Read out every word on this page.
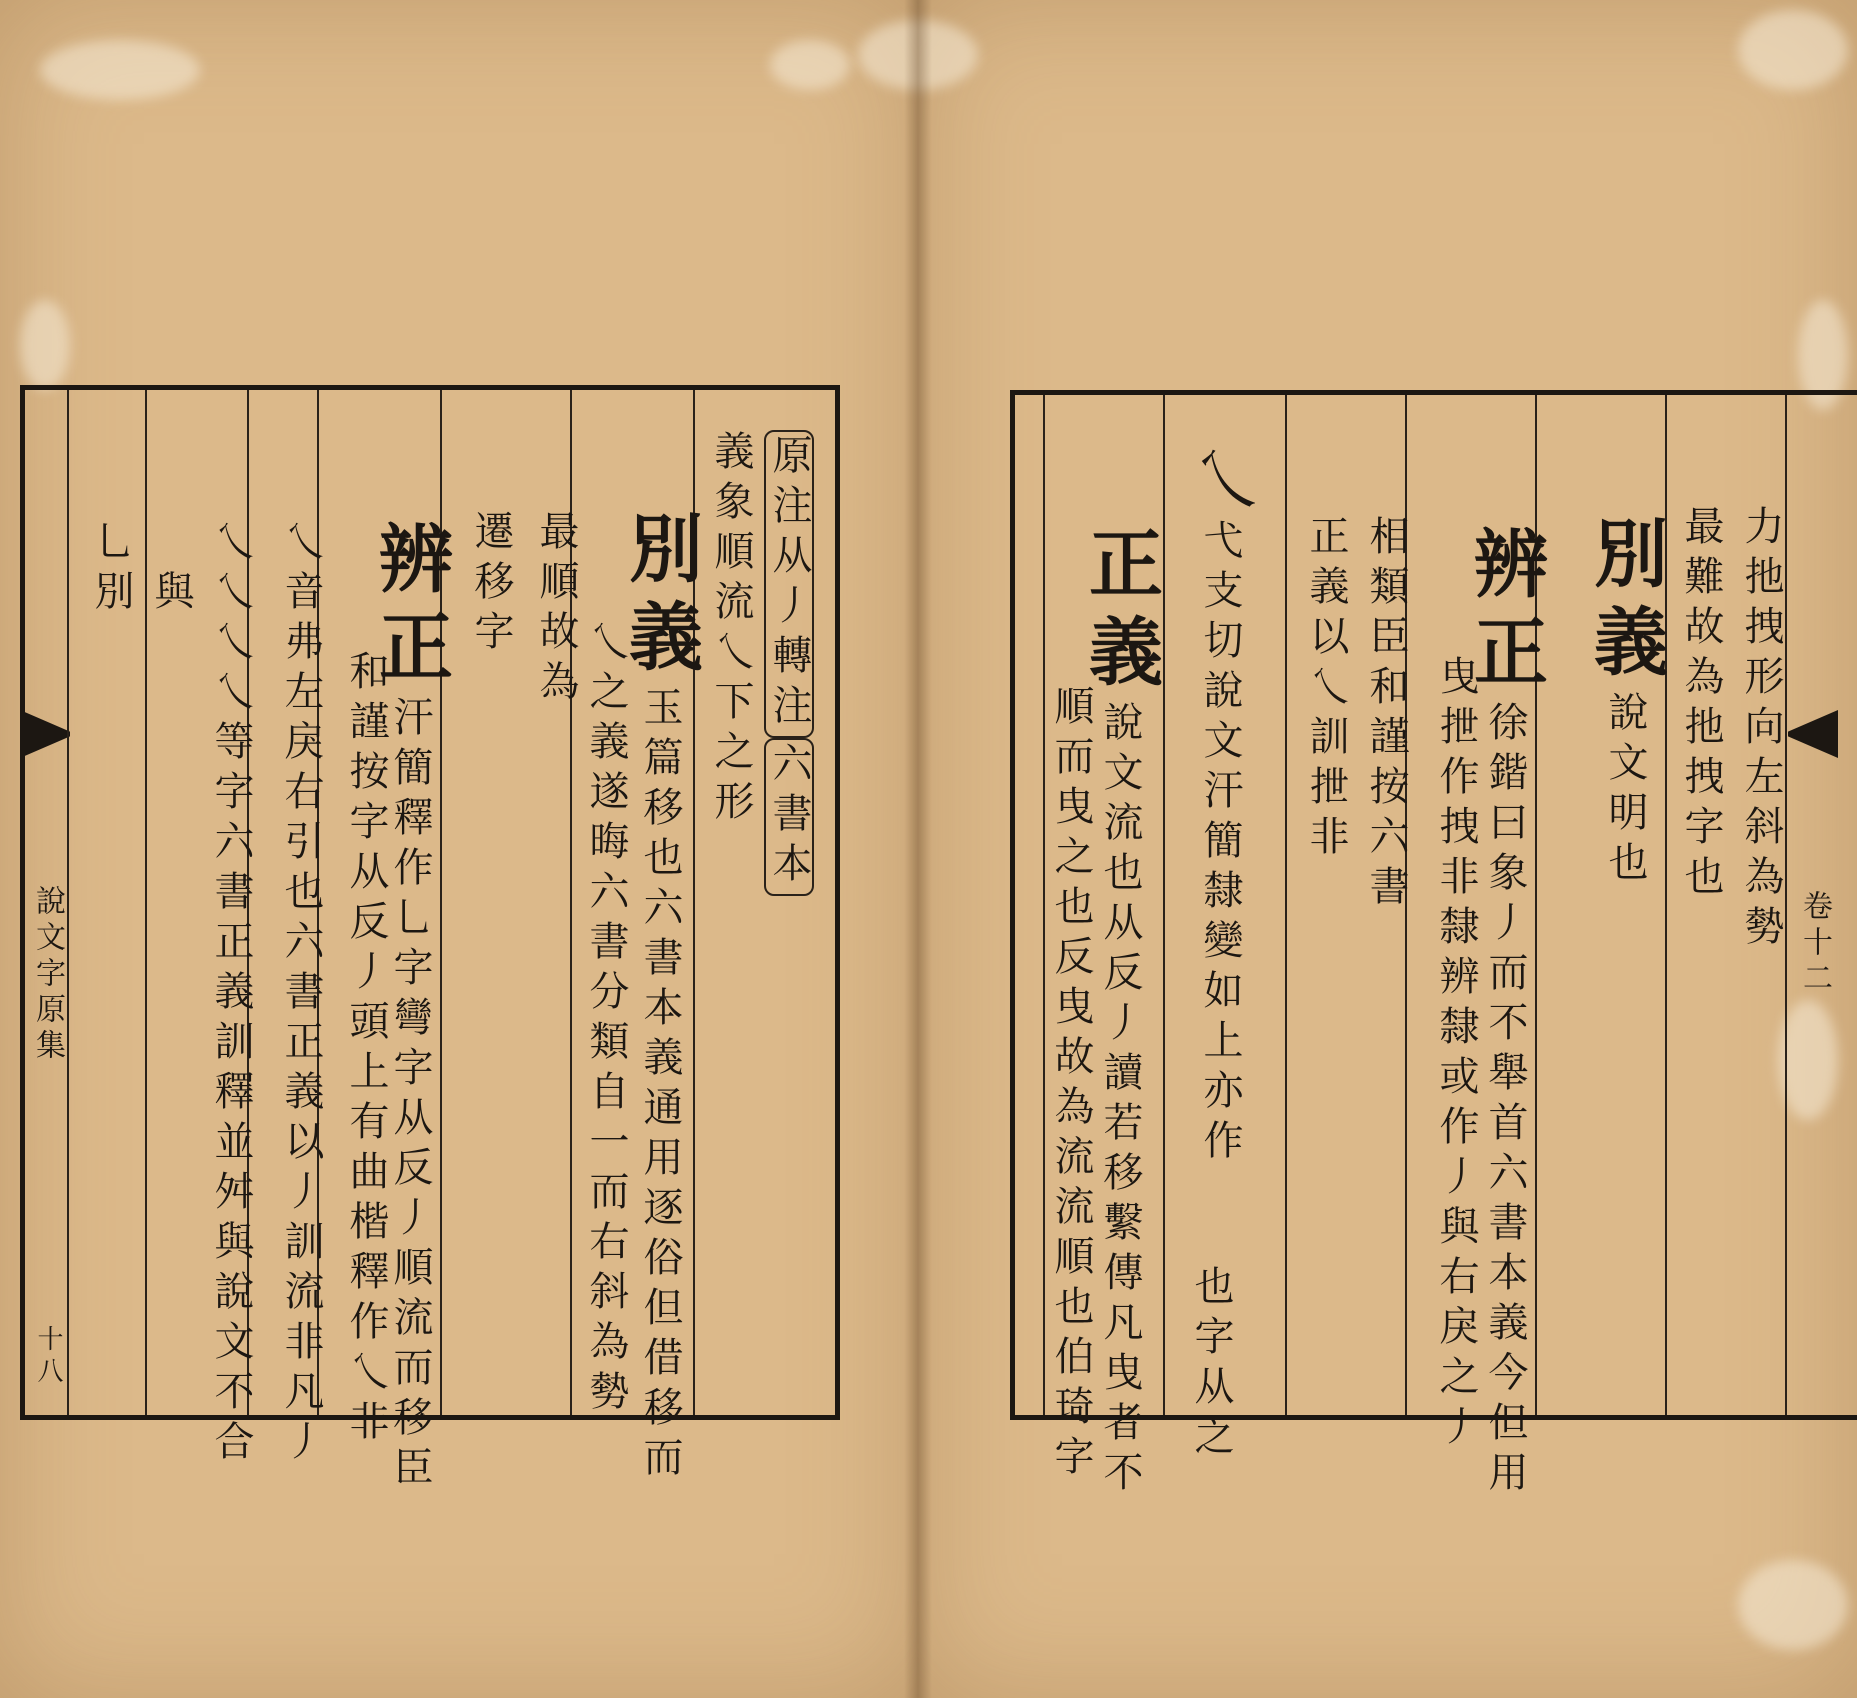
說文字原集
十八
原注从丿轉注六書本
義象順流乀下之形
別義玉篇移也六書本義通用逐俗但借移而
乀之義遂晦六書分類自一而右斜為勢
最順故為
遷移字
辨正汗簡釋作乚字彎字从反丿順流而移臣
和謹按字从反丿頭上有曲楷釋作乀非
乀音弗左戾右引也六書正義以丿訓流非凡丿
乀乀乀乀等字六書正義訓釋並舛與說文不合
與
乚別
卷十二
力扡拽形向左斜為勢
最難故為扡拽字也
別義說文明也
辨正徐鍇曰象丿而不舉首六書本義今但用
曳抴作拽非隸辨隸或作丿與右戾之丿
相類臣和謹按六書
正義以乀訓抴非
乀弋支切說文汗簡隸變如上亦作
也字从之
正義說文流也从反丿讀若移繫傳凡曳者不
順而曳之也反曳故為流流順也伯琦字
